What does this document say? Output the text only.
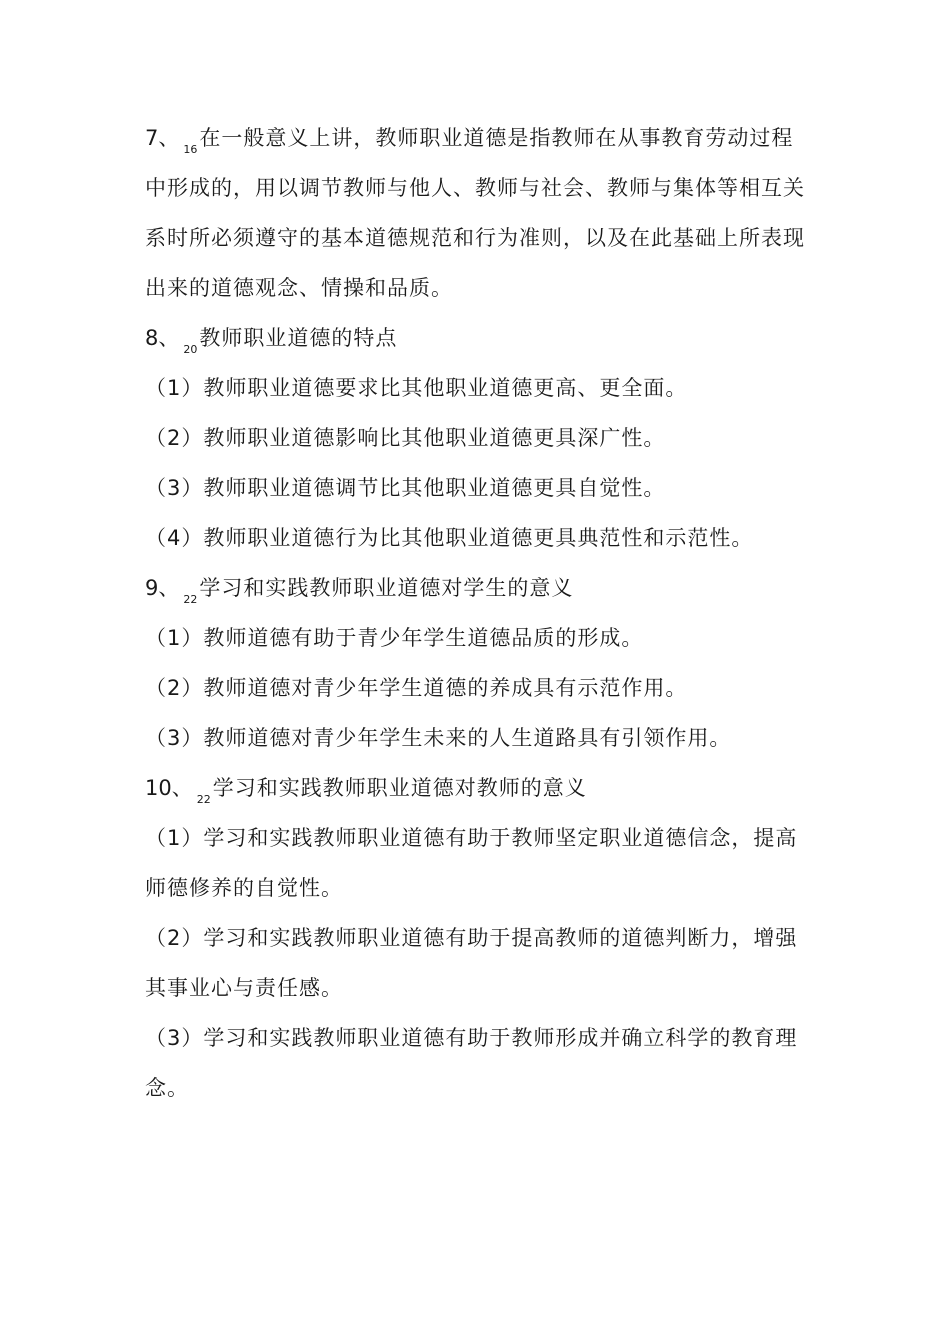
7、 $_{16}$在一般意义上讲，教师职业道德是指教师在从事教育劳动过程
中形成的，用以调节教师与他人、教师与社会、教师与集体等相互关
系时所必须遵守的基本道德规范和行为准则，以及在此基础上所表现
出来的道德观念、情操和品质。
8、 $_{20}$教师职业道德的特点
（1）教师职业道德要求比其他职业道德更高、更全面。
（2）教师职业道德影响比其他职业道德更具深广性。
（3）教师职业道德调节比其他职业道德更具自觉性。
（4）教师职业道德行为比其他职业道德更具典范性和示范性。
9、 $_{22}$学习和实践教师职业道德对学生的意义
（1）教师道德有助于青少年学生道德品质的形成。
（2）教师道德对青少年学生道德的养成具有示范作用。
（3）教师道德对青少年学生未来的人生道路具有引领作用。
10、 $_{22}$学习和实践教师职业道德对教师的意义
（1）学习和实践教师职业道德有助于教师坚定职业道德信念，提高
师德修养的自觉性。
（2）学习和实践教师职业道德有助于提高教师的道德判断力，增强
其事业心与责任感。
（3）学习和实践教师职业道德有助于教师形成并确立科学的教育理
念。
